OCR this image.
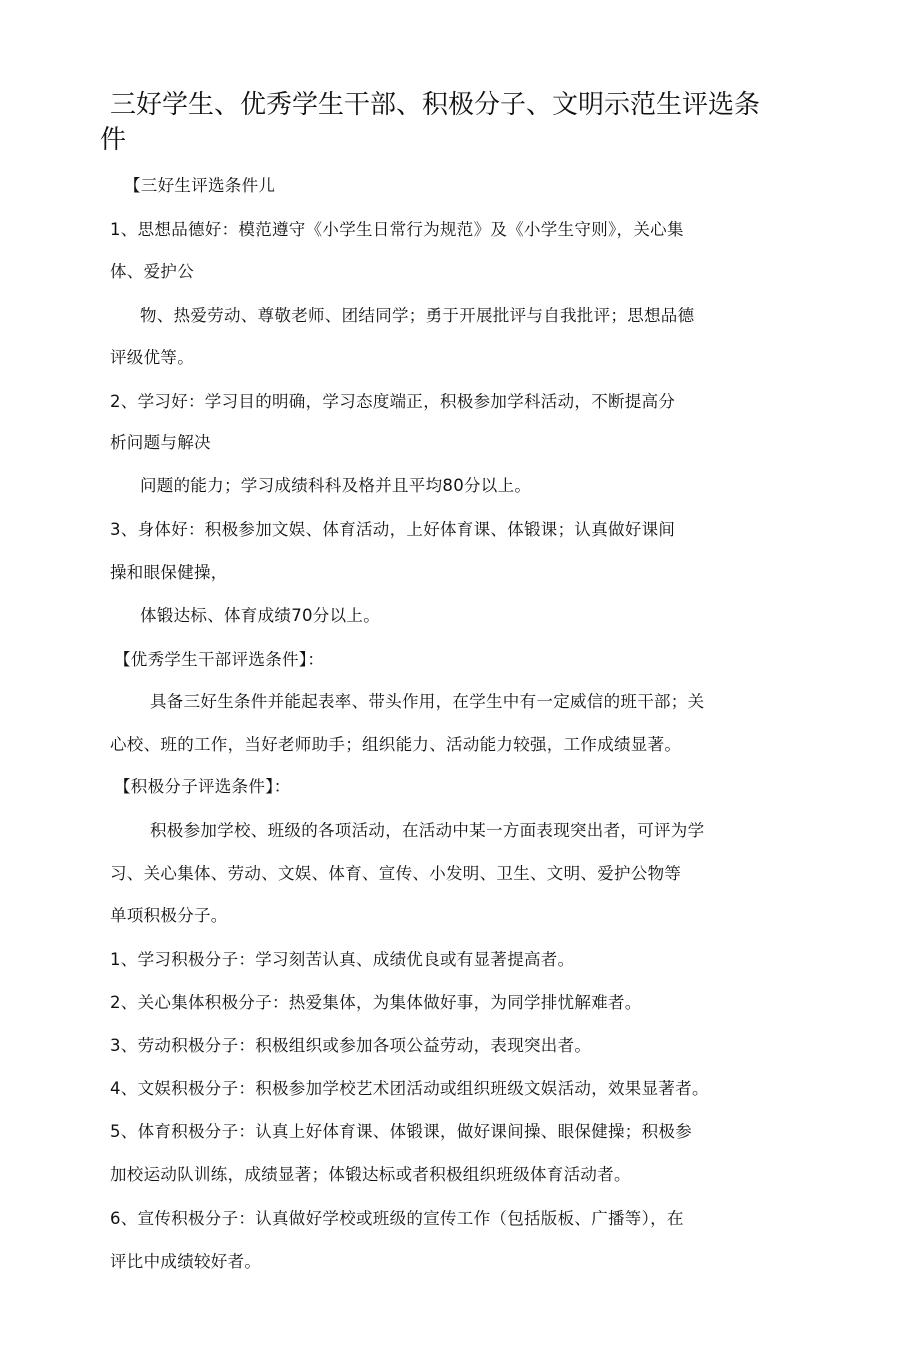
三好学生、优秀学生干部、积极分子、文明示范生评选条
件
【三好生评选条件儿
1、思想品德好：模范遵守《小学生日常行为规范》及《小学生守则》，关心集
体、爱护公
物、热爱劳动、尊敬老师、团结同学；勇于开展批评与自我批评；思想品德
评级优等。
2、学习好：学习目的明确，学习态度端正，积极参加学科活动，不断提高分
析问题与解决
问题的能力；学习成绩科科及格并且平均80分以上。
3、身体好：积极参加文娱、体育活动，上好体育课、体锻课；认真做好课间
操和眼保健操，
体锻达标、体育成绩70分以上。
【优秀学生干部评选条件】：
具备三好生条件并能起表率、带头作用，在学生中有一定威信的班干部；关
心校、班的工作，当好老师助手；组织能力、活动能力较强，工作成绩显著。
【积极分子评选条件】：
积极参加学校、班级的各项活动，在活动中某一方面表现突出者，可评为学
习、关心集体、劳动、文娱、体育、宣传、小发明、卫生、文明、爱护公物等
单项积极分子。
1、学习积极分子：学习刻苦认真、成绩优良或有显著提高者。
2、关心集体积极分子：热爱集体，为集体做好事，为同学排忧解难者。
3、劳动积极分子：积极组织或参加各项公益劳动，表现突出者。
4、文娱积极分子：积极参加学校艺术团活动或组织班级文娱活动，效果显著者。
5、体育积极分子：认真上好体育课、体锻课，做好课间操、眼保健操；积极参
加校运动队训练，成绩显著；体锻达标或者积极组织班级体育活动者。
6、宣传积极分子：认真做好学校或班级的宣传工作（包括版板、广播等），在
评比中成绩较好者。
